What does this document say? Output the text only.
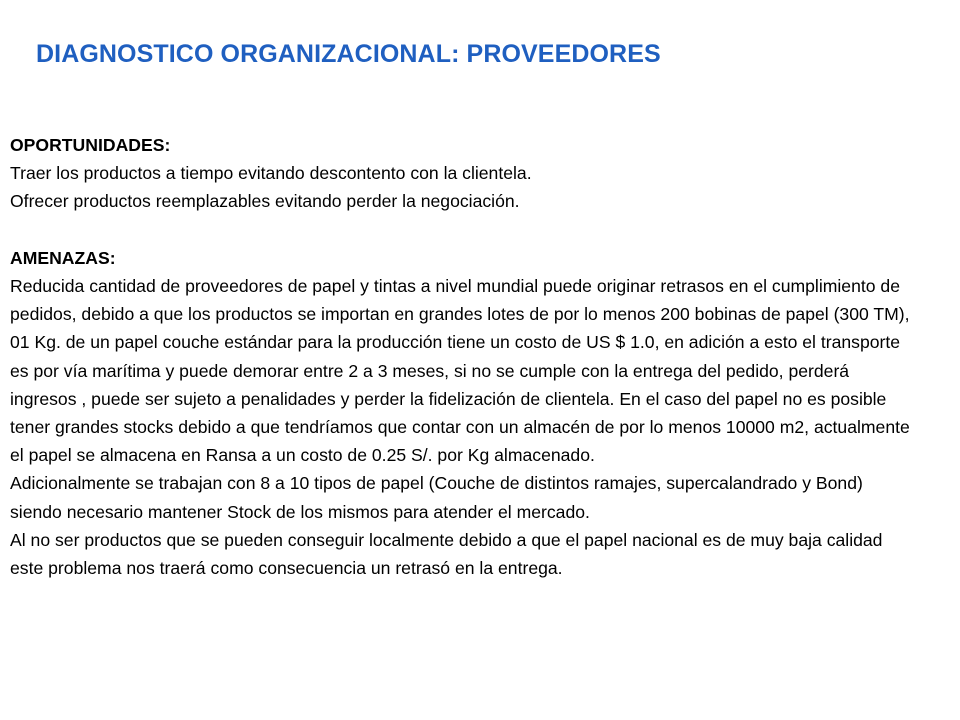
DIAGNOSTICO ORGANIZACIONAL: PROVEEDORES

OPORTUNIDADES:

Traer los productos a tiempo evitando descontento con la clientela.

Ofrecer productos reemplazables evitando perder la negociación.

AMENAZAS:

Reducida cantidad de proveedores de papel y tintas a nivel mundial puede originar retrasos en el cumplimiento de pedidos, debido a que los productos se importan en grandes lotes de por lo menos 200 bobinas de papel (300 TM), 01 Kg. de un papel couche estándar para la producción tiene un costo de US $ 1.0, en adición a esto el transporte es por vía marítima y puede demorar entre 2 a 3 meses, si no se cumple con la entrega del pedido, perderá ingresos , puede ser sujeto a penalidades y perder la fidelización de clientela. En el caso del papel no es posible tener grandes stocks debido a que tendríamos que contar con un almacén de por lo menos 10000 m2, actualmente el papel se almacena en Ransa a un costo de 0.25 S/. por Kg almacenado.

Adicionalmente se trabajan con 8 a 10 tipos de papel (Couche de distintos ramajes, supercalandrado y Bond) siendo necesario mantener Stock de los mismos para atender el mercado.

Al no ser productos que se pueden conseguir localmente debido a que el papel nacional es de muy baja calidad este problema nos traerá como consecuencia un retrasó en la entrega.
